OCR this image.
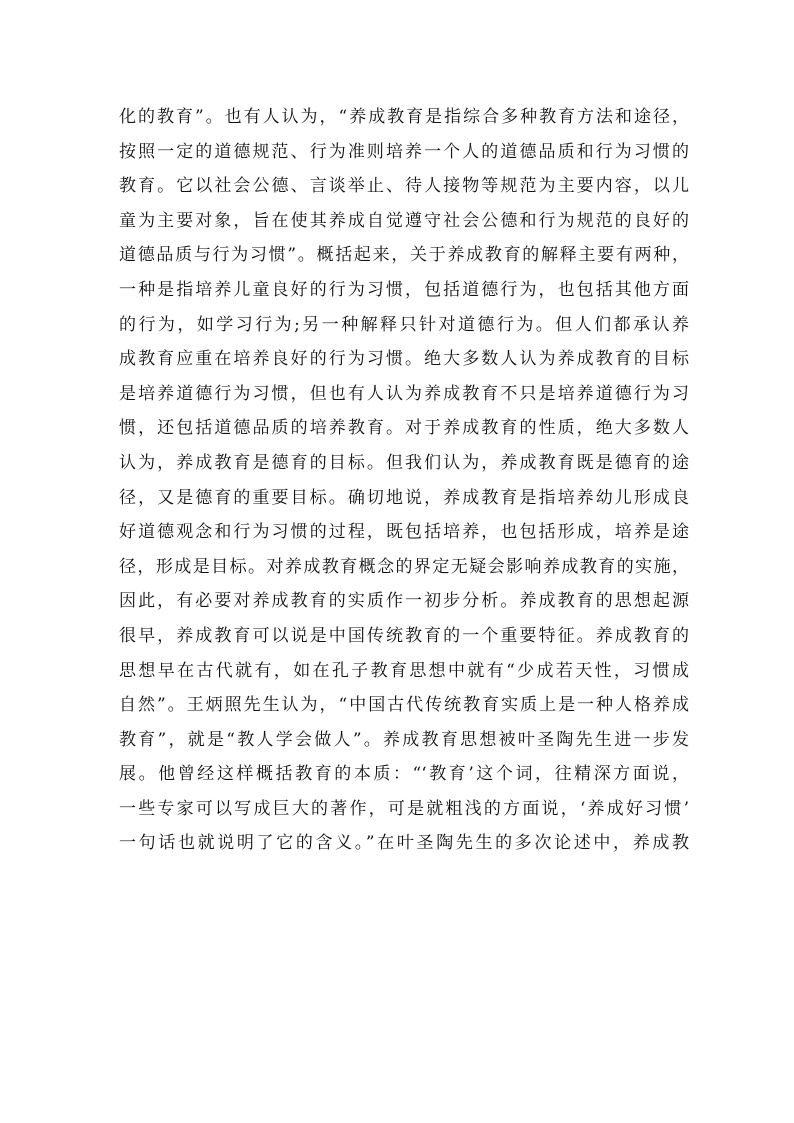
化的教育”。也有人认为，“养成教育是指综合多种教育方法和途径，
按照一定的道德规范、行为准则培养一个人的道德品质和行为习惯的
教育。它以社会公德、言谈举止、待人接物等规范为主要内容，以儿
童为主要对象，旨在使其养成自觉遵守社会公德和行为规范的良好的
道德品质与行为习惯”。概括起来，关于养成教育的解释主要有两种，
一种是指培养儿童良好的行为习惯，包括道德行为，也包括其他方面
的行为，如学习行为;另一种解释只针对道德行为。但人们都承认养
成教育应重在培养良好的行为习惯。绝大多数人认为养成教育的目标
是培养道德行为习惯，但也有人认为养成教育不只是培养道德行为习
惯，还包括道德品质的培养教育。对于养成教育的性质，绝大多数人
认为，养成教育是德育的目标。但我们认为，养成教育既是德育的途
径，又是德育的重要目标。确切地说，养成教育是指培养幼儿形成良
好道德观念和行为习惯的过程，既包括培养，也包括形成，培养是途
径，形成是目标。对养成教育概念的界定无疑会影响养成教育的实施，
因此，有必要对养成教育的实质作一初步分析。养成教育的思想起源
很早，养成教育可以说是中国传统教育的一个重要特征。养成教育的
思想早在古代就有，如在孔子教育思想中就有“少成若天性，习惯成
自然”。王炳照先生认为，“中国古代传统教育实质上是一种人格养成
教育”，就是“教人学会做人”。养成教育思想被叶圣陶先生进一步发
展。他曾经这样概括教育的本质：“‘教育’这个词，往精深方面说，
一些专家可以写成巨大的著作，可是就粗浅的方面说，‘养成好习惯’
一句话也就说明了它的含义。”在叶圣陶先生的多次论述中，养成教
